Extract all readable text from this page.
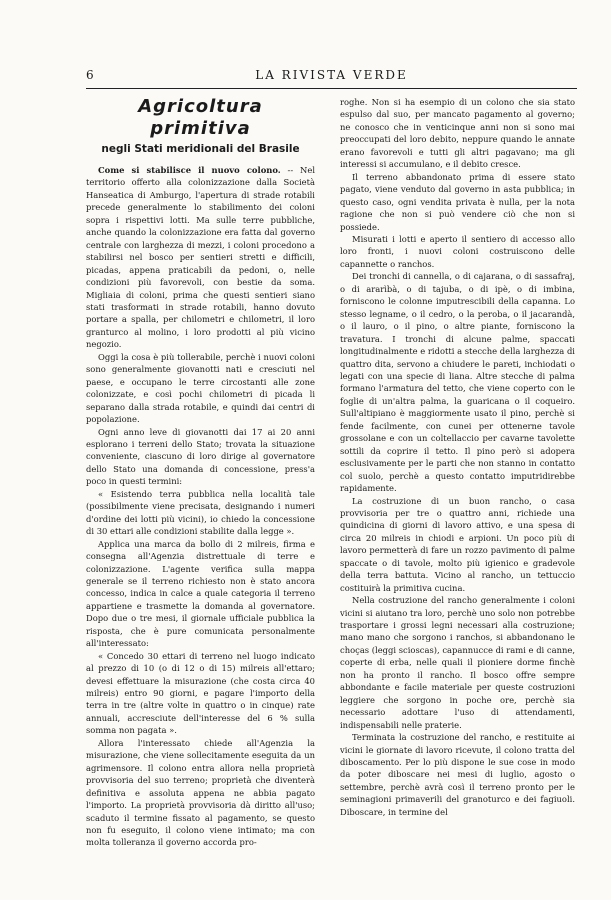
6	LA RIVISTA VERDE
Agricoltura primitiva
negli Stati meridionali del Brasile

Come si stabilisce il nuovo colono. -- Nel territorio offerto alla colonizzazione dalla Società Hanseatica di Amburgo, l'apertura di strade rotabili precede generalmente lo stabilimento dei coloni sopra i rispettivi lotti. Ma sulle terre pubbliche, anche quando la colonizzazione era fatta dal governo centrale con larghezza di mezzi, i coloni procedono a stabilirsi nel bosco per sentieri stretti e difficili, picadas, appena praticabili da pedoni, o, nelle condizioni più favorevoli, con bestie da soma. Migliaia di coloni, prima che questi sentieri siano stati trasformati in strade rotabili, hanno dovuto portare a spalla, per chilometri e chilometri, il loro granturco al molino, i loro prodotti al più vicino negozio.

Oggi la cosa è più tollerabile, perchè i nuovi coloni sono generalmente giovanotti nati e cresciuti nel paese, e occupano le terre circostanti alle zone colonizzate, e così pochi chilometri di picada li separano dalla strada rotabile, e quindi dai centri di popolazione.

Ogni anno leve di giovanotti dai 17 ai 20 anni esplorano i terreni dello Stato; trovata la situazione conveniente, ciascuno di loro dirige al governatore dello Stato una domanda di concessione, press'a poco in questi termini:

« Esistendo terra pubblica nella località tale (possibilmente viene precisata, designando i numeri d'ordine dei lotti più vicini), io chiedo la concessione di 30 ettari alle condizioni stabilite dalla legge ».

Applica una marca da bollo di 2 milreis, firma e consegna all'Agenzia distrettuale di terre e colonizzazione. L'agente verifica sulla mappa generale se il terreno richiesto non è stato ancora concesso, indica in calce a quale categoria il terreno appartiene e trasmette la domanda al governatore. Dopo due o tre mesi, il giornale ufficiale pubblica la risposta, che è pure comunicata personalmente all'interessato:

« Concedo 30 ettari di terreno nel luogo indicato al prezzo di 10 (o di 12 o di 15) milreis all'ettaro; devesi effettuare la misurazione (che costa circa 40 milreis) entro 90 giorni, e pagare l'importo della terra in tre (altre volte in quattro o in cinque) rate annuali, accresciute dell'interesse del 6 % sulla somma non pagata ».

Allora l'interessato chiede all'Agenzia la misurazione, che viene sollecitamente eseguita da un agrimensore. Il colono entra allora nella proprietà provvisoria del suo terreno; proprietà che diventerà definitiva e assoluta appena ne abbia pagato l'importo. La proprietà provvisoria dà diritto all'uso; scaduto il termine fissato al pagamento, se questo non fu eseguito, il colono viene intimato; ma con molta tolleranza il governo accorda pro-

roghe. Non si ha esempio di un colono che sia stato espulso dal suo, per mancato pagamento al governo; ne conosco che in venticinque anni non si sono mai preoccupati del loro debito, neppure quando le annate erano favorevoli e tutti gli altri pagavano; ma gli interessi si accumulano, e il debito cresce.

Il terreno abbandonato prima di essere stato pagato, viene venduto dal governo in asta pubblica; in questo caso, ogni vendita privata è nulla, per la nota ragione che non si può vendere ciò che non si possiede.

Misurati i lotti e aperto il sentiero di accesso allo loro fronti, i nuovi coloni costruiscono delle capannette o ranchos.

Dei tronchi di cannella, o di cajarana, o di sassafraj, o di ararìbà, o di tajuba, o di ipè, o di imbina, forniscono le colonne imputrescibili della capanna. Lo stesso legname, o il cedro, o la peroba, o il jacarandà, o il lauro, o il pino, o altre piante, forniscono la travatura. I tronchi di alcune palme, spaccati longitudinalmente e ridotti a stecche della larghezza di quattro dita, servono a chiudere le pareti, inchiodati o legati con una specie di liana. Altre stecche di palma formano l'armatura del tetto, che viene coperto con le foglie di un'altra palma, la guaricana o il coqueiro. Sull'altipiano è maggiormente usato il pino, perchè si fende facilmente, con cunei per ottenerne tavole grossolane e con un coltellaccio per cavarne tavolette sottili da coprire il tetto. Il pino però si adopera esclusivamente per le parti che non stanno in contatto col suolo, perchè a questo contatto imputridirebbe rapidamente.

La costruzione di un buon rancho, o casa provvisoria per tre o quattro anni, richiede una quindicina di giorni di lavoro attivo, e una spesa di circa 20 milreis in chiodi e arpioni. Un poco più di lavoro permetterà di fare un rozzo pavimento di palme spaccate o di tavole, molto più igienico e gradevole della terra battuta. Vicino al rancho, un tettuccio costituirà la primitiva cucina.

Nella costruzione del rancho generalmente i coloni vicini si aiutano tra loro, perchè uno solo non potrebbe trasportare i grossi legni necessari alla costruzione; mano mano che sorgono i ranchos, si abbandonano le choças (leggi scioscas), capannucce di rami e di canne, coperte di erba, nelle quali il pioniere dorme finchè non ha pronto il rancho. Il bosco offre sempre abbondante e facile materiale per queste costruzioni leggiere che sorgono in poche ore, perchè sia necessario adottare l'uso di attendamenti, indispensabili nelle praterie.

Terminata la costruzione del rancho, e restituite ai vicini le giornate di lavoro ricevute, il colono tratta del diboscamento. Per lo più dispone le sue cose in modo da poter diboscare nei mesi di luglio, agosto o settembre, perchè avrà così il terreno pronto per le seminagioni primaverili del granoturco e dei fagiuoli. Diboscare, in termine del
